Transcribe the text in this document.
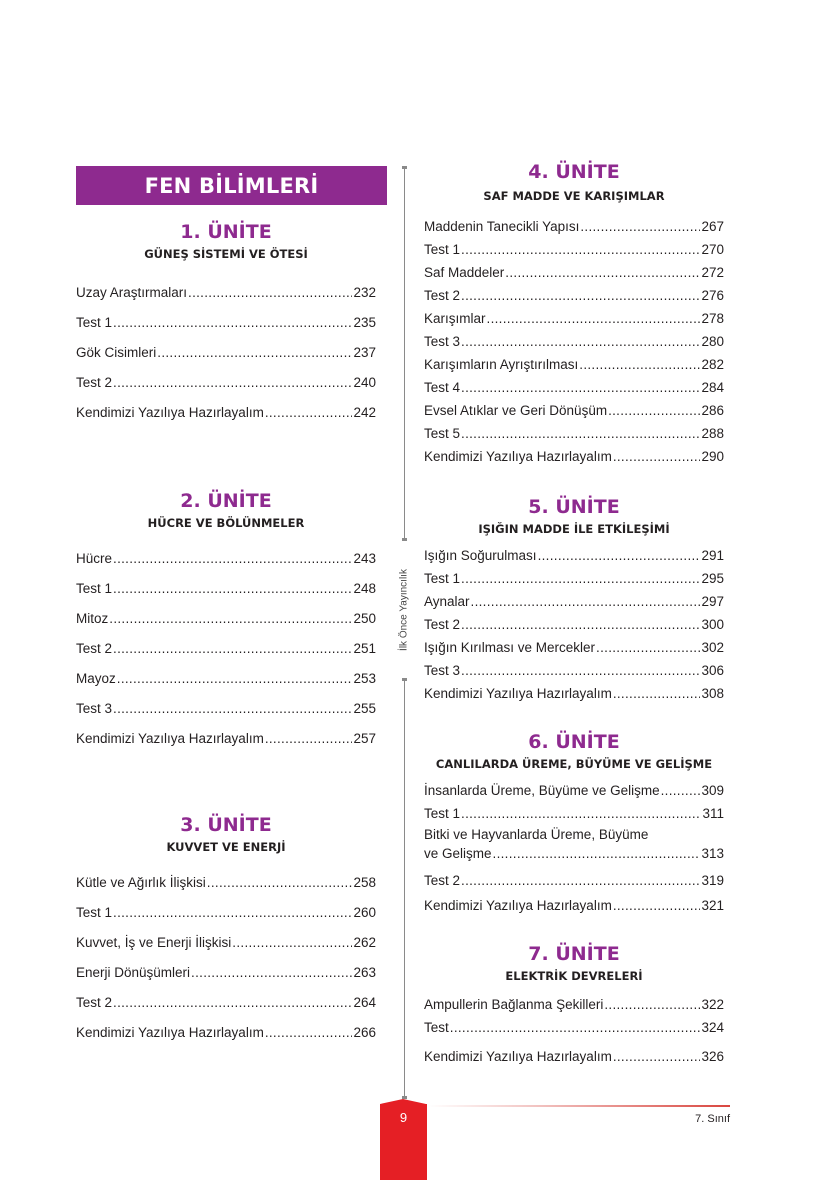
FEN BİLİMLERİ
1. ÜNİTE
GÜNEŞ SİSTEMİ VE ÖTESİ
Uzay Araştırmaları .....	232
Test 1 .....	235
Gök Cisimleri .....	237
Test 2 .....	240
Kendimizi Yazılıya Hazırlayalım .....	242
2. ÜNİTE
HÜCRE VE BÖLÜNMELER
Hücre .....	243
Test 1 .....	248
Mitoz .....	250
Test 2 .....	251
Mayoz .....	253
Test 3 .....	255
Kendimizi Yazılıya Hazırlayalım .....	257
3. ÜNİTE
KUVVET VE ENERJİ
Kütle ve Ağırlık İlişkisi .....	258
Test 1 .....	260
Kuvvet, İş ve Enerji İlişkisi .....	262
Enerji Dönüşümleri .....	263
Test 2 .....	264
Kendimizi Yazılıya Hazırlayalım .....	266
İlk Önce Yayıncılık
4. ÜNİTE
SAF MADDE VE KARIŞIMLAR
Maddenin Tanecikli Yapısı .....	267
Test 1 .....	270
Saf Maddeler .....	272
Test 2 .....	276
Karışımlar .....	278
Test 3 .....	280
Karışımların Ayrıştırılması .....	282
Test 4 .....	284
Evsel Atıklar ve Geri Dönüşüm .....	286
Test 5 .....	288
Kendimizi Yazılıya Hazırlayalım .....	290
5. ÜNİTE
IŞIĞIN MADDE İLE ETKİLEŞİMİ
Işığın Soğurulması .....	291
Test 1 .....	295
Aynalar .....	297
Test 2 .....	300
Işığın Kırılması ve Mercekler .....	302
Test 3 .....	306
Kendimizi Yazılıya Hazırlayalım .....	308
6. ÜNİTE
CANLILARDA ÜREME, BÜYÜME VE GELİŞME
İnsanlarda Üreme, Büyüme ve Gelişme .....	309
Test 1 .....	311
Bitki ve Hayvanlarda Üreme, Büyüme
ve Gelişme .....	313
Test 2 .....	319
Kendimizi Yazılıya Hazırlayalım .....	321
7. ÜNİTE
ELEKTRİK DEVRELERİ
Ampullerin Bağlanma Şekilleri .....	322
Test .....	324
Kendimizi Yazılıya Hazırlayalım .....	326
9	7. Sınıf
